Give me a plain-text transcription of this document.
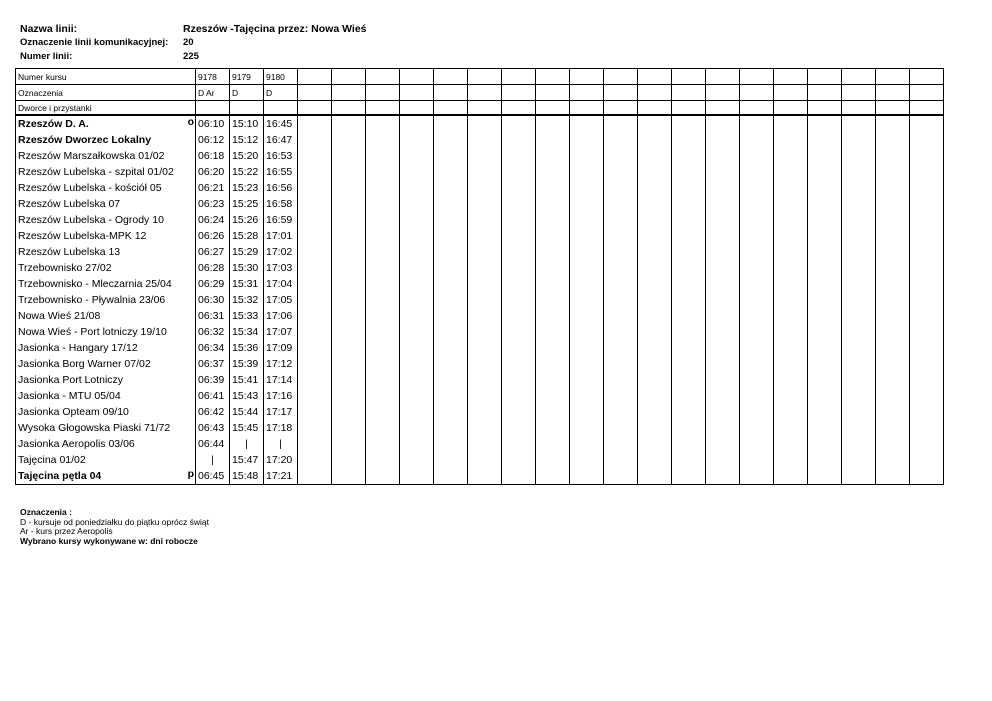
Nazwa linii:	Rzeszów -Tajęcina przez: Nowa Wieś
Oznaczenie linii komunikacyjnej:	20
Numer linii:	225
Numer kursu	9178	9179	9180																			
Oznaczenia	D Ar	D	D																			
Dworce i przystanki																						
Rzeszów D. A. o	06:10	15:10	16:45																			
Rzeszów Dworzec Lokalny	06:12	15:12	16:47																			
Rzeszów Marszałkowska 01/02	06:18	15:20	16:53																			
Rzeszów Lubelska - szpital 01/02	06:20	15:22	16:55																			
Rzeszów Lubelska - kościół 05	06:21	15:23	16:56																			
Rzeszów Lubelska 07	06:23	15:25	16:58																			
Rzeszów Lubelska - Ogrody 10	06:24	15:26	16:59																			
Rzeszów Lubelska-MPK 12	06:26	15:28	17:01																			
Rzeszów Lubelska 13	06:27	15:29	17:02																			
Trzebownisko 27/02	06:28	15:30	17:03																			
Trzebownisko - Mleczarnia 25/04	06:29	15:31	17:04																			
Trzebownisko - Pływalnia 23/06	06:30	15:32	17:05																			
Nowa Wieś 21/08	06:31	15:33	17:06																			
Nowa Wieś - Port lotniczy 19/10	06:32	15:34	17:07																			
Jasionka - Hangary 17/12	06:34	15:36	17:09																			
Jasionka Borg Warner 07/02	06:37	15:39	17:12																			
Jasionka Port Lotniczy	06:39	15:41	17:14																			
Jasionka - MTU 05/04	06:41	15:43	17:16																			
Jasionka Opteam 09/10	06:42	15:44	17:17																			
Wysoka Głogowska Piaski 71/72	06:43	15:45	17:18																			
Jasionka Aeropolis 03/06	06:44	|	|																			
Tajęcina 01/02	|	15:47	17:20																			
Tajęcina pętla 04 p	06:45	15:48	17:21																			
Oznaczenia :
D - kursuje od poniedziałku do piątku oprócz świąt
Ar - kurs przez Aeropolis
Wybrano kursy wykonywane w: dni robocze
